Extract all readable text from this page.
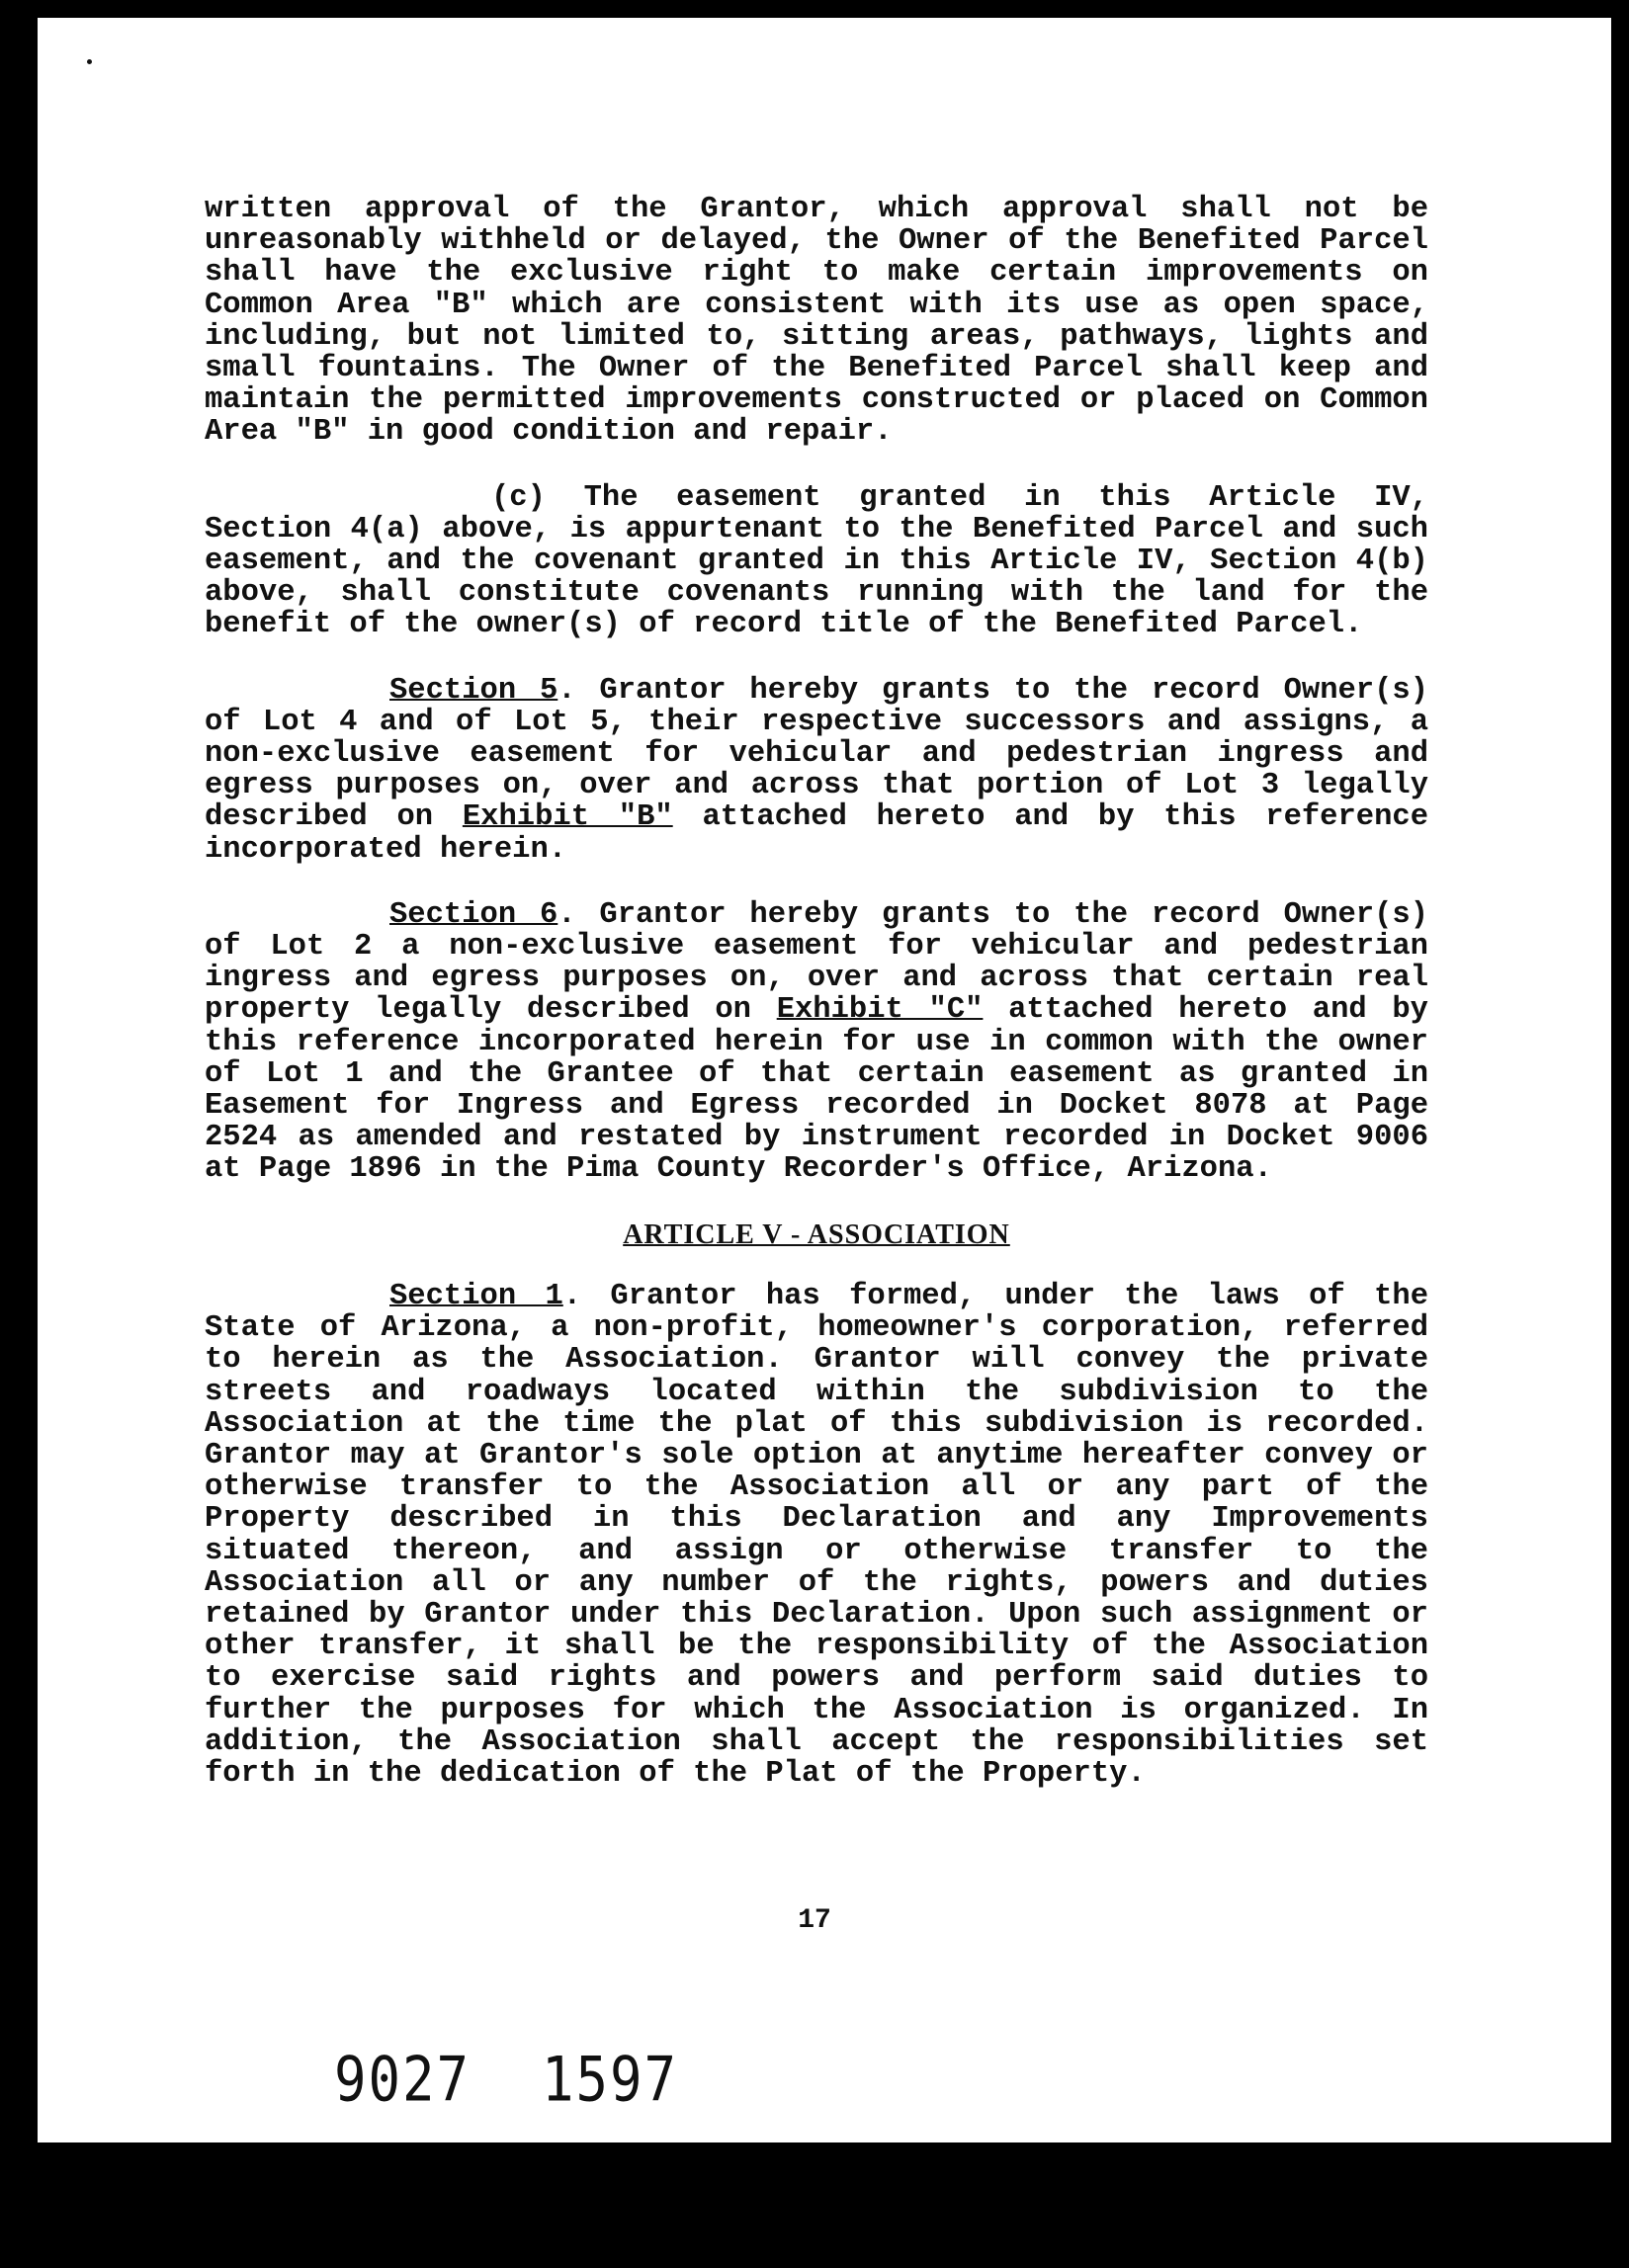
written approval of the Grantor, which approval shall not be unreasonably withheld or delayed, the Owner of the Benefited Parcel shall have the exclusive right to make certain improvements on Common Area "B" which are consistent with its use as open space, including, but not limited to, sitting areas, pathways, lights and small fountains. The Owner of the Benefited Parcel shall keep and maintain the permitted improvements constructed or placed on Common Area "B" in good condition and repair.

(c) The easement granted in this Article IV, Section 4(a) above, is appurtenant to the Benefited Parcel and such easement, and the covenant granted in this Article IV, Section 4(b) above, shall constitute covenants running with the land for the benefit of the owner(s) of record title of the Benefited Parcel.

Section 5. Grantor hereby grants to the record Owner(s) of Lot 4 and of Lot 5, their respective successors and assigns, a non-exclusive easement for vehicular and pedestrian ingress and egress purposes on, over and across that portion of Lot 3 legally described on Exhibit "B" attached hereto and by this reference incorporated herein.

Section 6. Grantor hereby grants to the record Owner(s) of Lot 2 a non-exclusive easement for vehicular and pedestrian ingress and egress purposes on, over and across that certain real property legally described on Exhibit "C" attached hereto and by this reference incorporated herein for use in common with the owner of Lot 1 and the Grantee of that certain easement as granted in Easement for Ingress and Egress recorded in Docket 8078 at Page 2524 as amended and restated by instrument recorded in Docket 9006 at Page 1896 in the Pima County Recorder's Office, Arizona.

ARTICLE V - ASSOCIATION

Section 1. Grantor has formed, under the laws of the State of Arizona, a non-profit, homeowner's corporation, referred to herein as the Association. Grantor will convey the private streets and roadways located within the subdivision to the Association at the time the plat of this subdivision is recorded. Grantor may at Grantor's sole option at anytime hereafter convey or otherwise transfer to the Association all or any part of the Property described in this Declaration and any Improvements situated thereon, and assign or otherwise transfer to the Association all or any number of the rights, powers and duties retained by Grantor under this Declaration. Upon such assignment or other transfer, it shall be the responsibility of the Association to exercise said rights and powers and perform said duties to further the purposes for which the Association is organized. In addition, the Association shall accept the responsibilities set forth in the dedication of the Plat of the Property.

17
9027 1597
